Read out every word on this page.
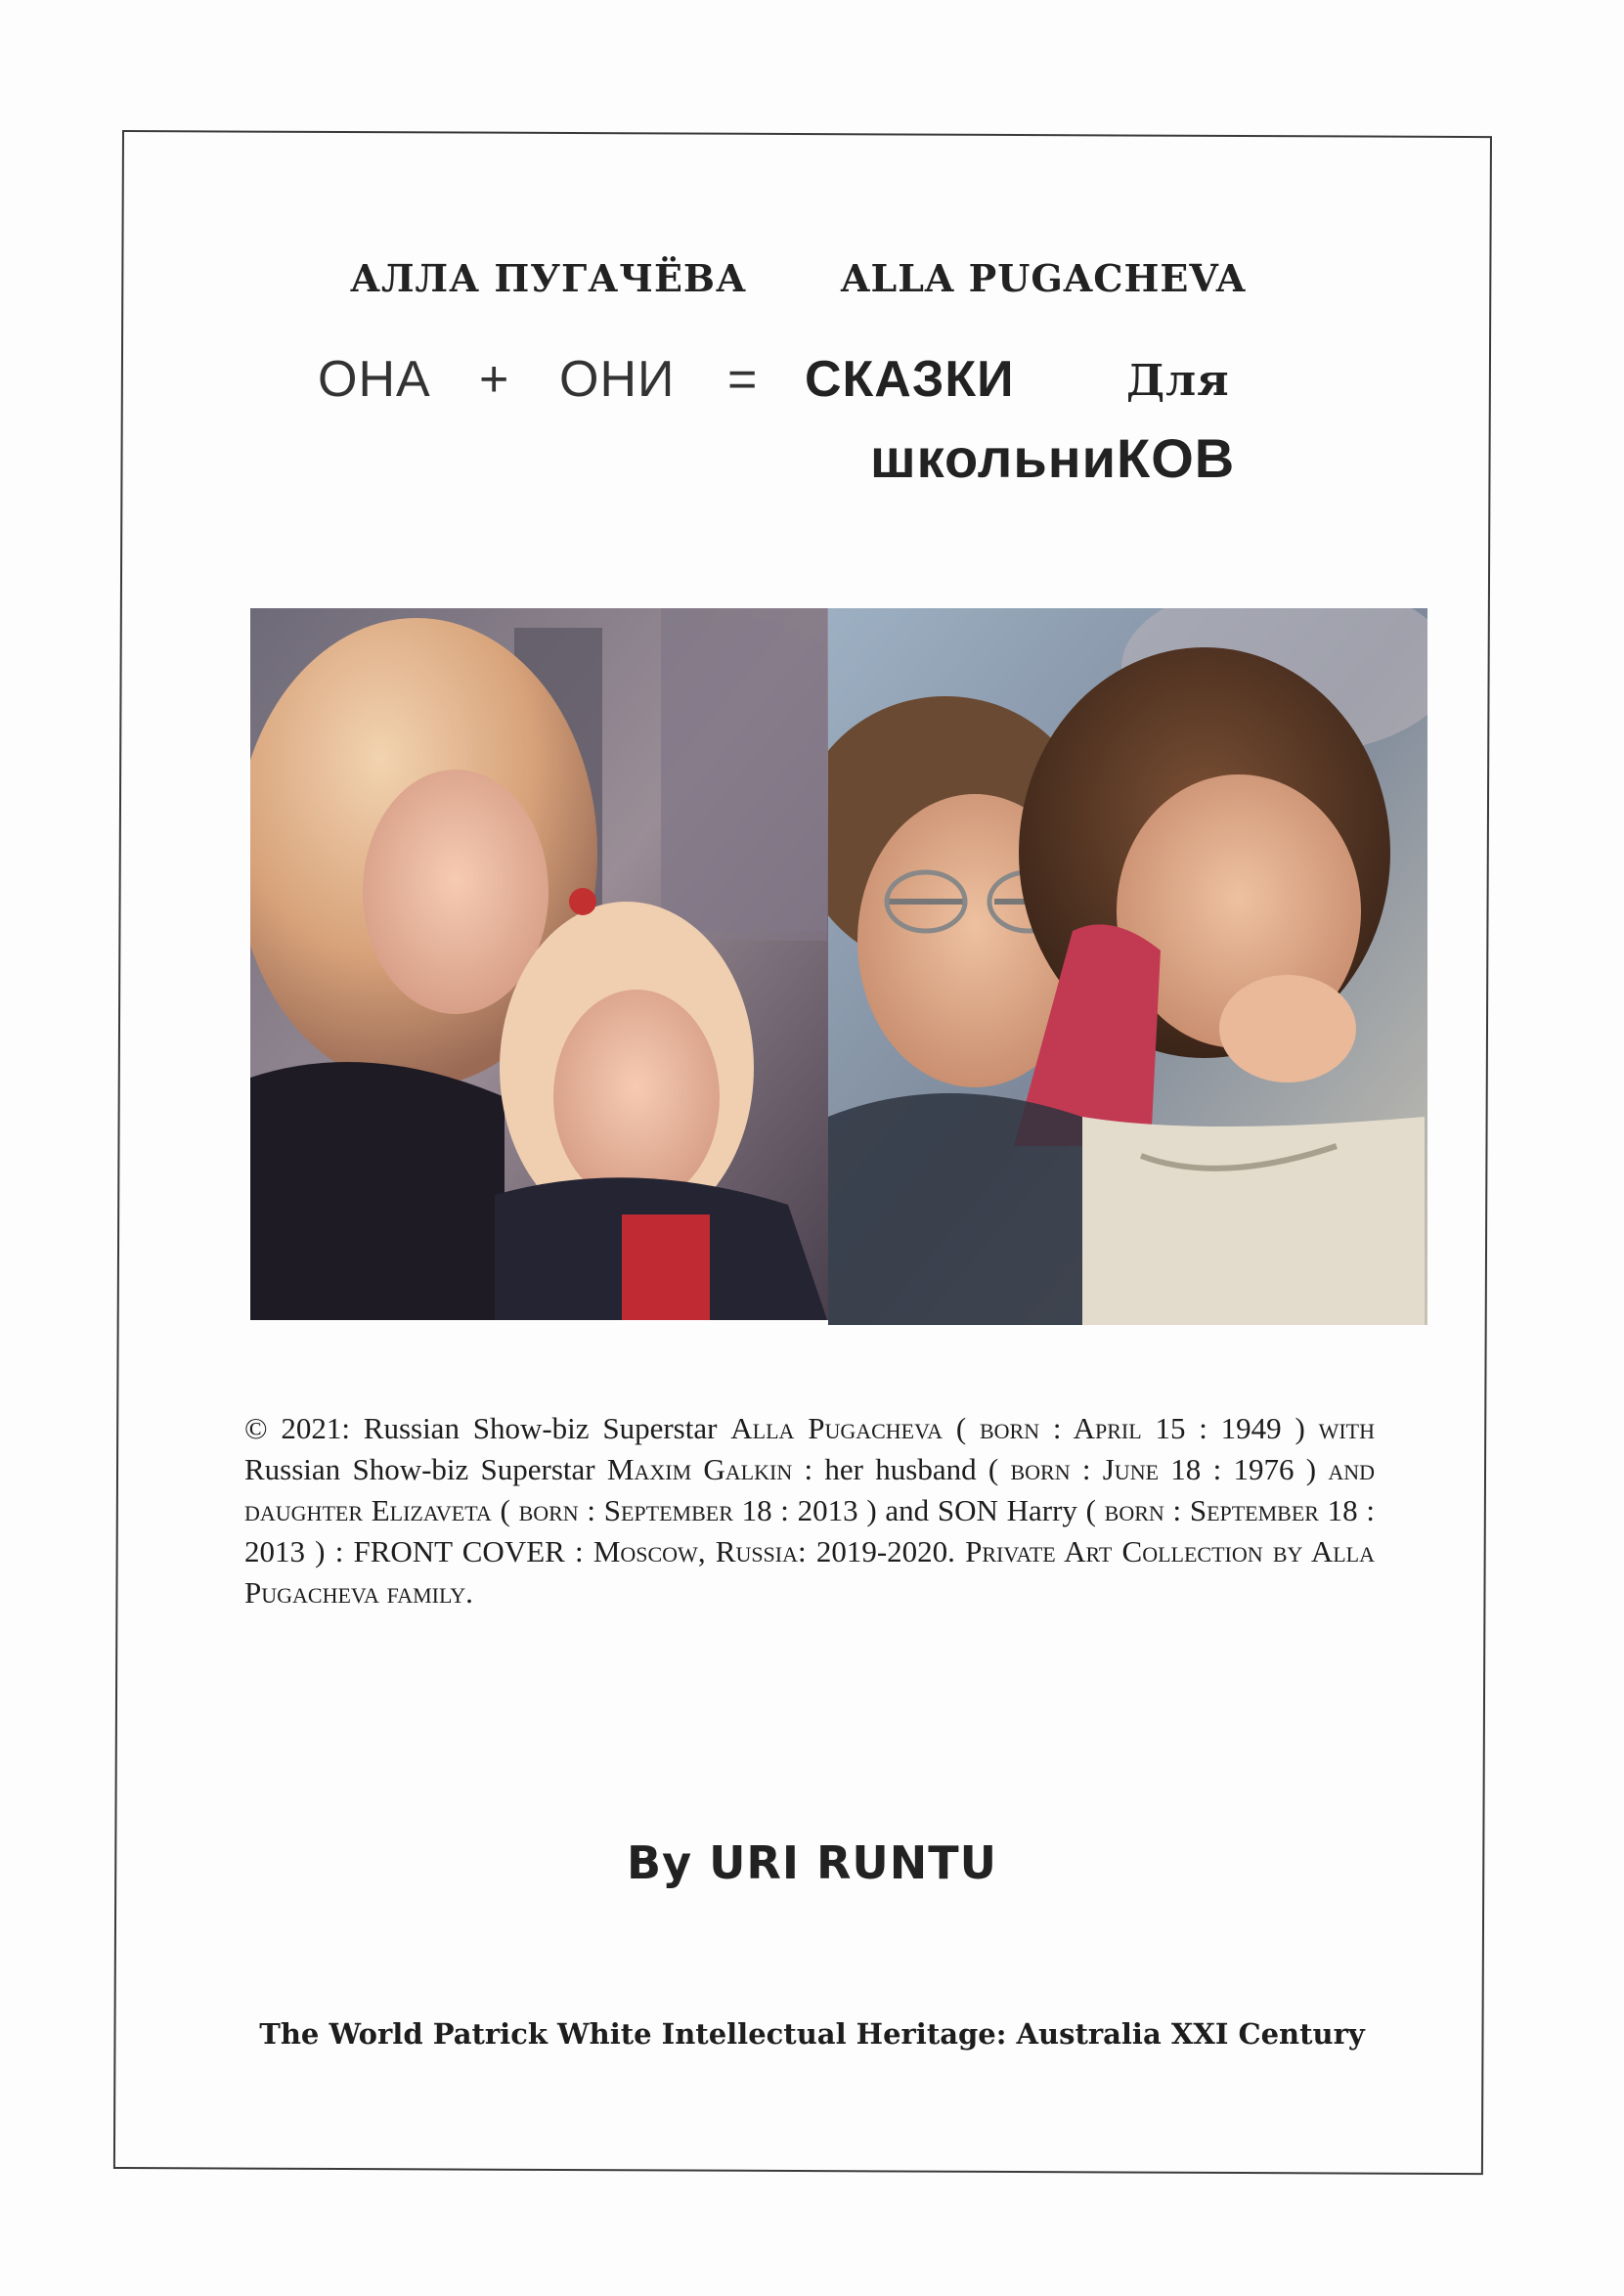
АЛЛА ПУГАЧЁВА	ALLA PUGACHEVA
ОНА + ОНИ = СКАЗКИ	Для
школьниКОВ
© 2021: Russian Show-biz Superstar Alla Pugacheva ( born : April 15 : 1949 ) with Russian Show-biz Superstar Maxim Galkin : her husband ( born : June 18 : 1976 ) and daughter Elizaveta ( born : September 18 : 2013 ) and SON Harry ( born : September 18 : 2013 ) : FRONT COVER : Moscow, Russia: 2019-2020. Private Art Collection by Alla Pugacheva family.
By URI RUNTU
The World Patrick White Intellectual Heritage: Australia XXI Century
